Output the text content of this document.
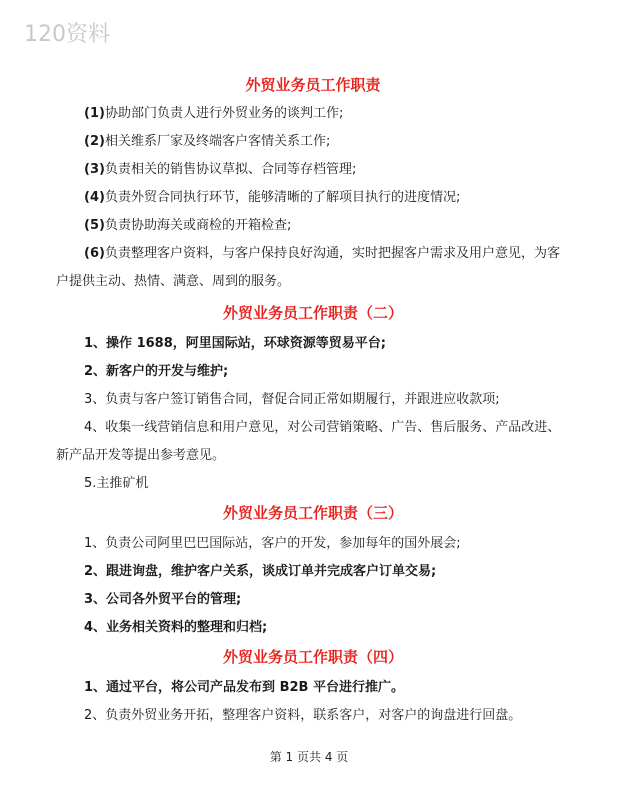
120资料

外贸业务员工作职责

(1)协助部门负责人进行外贸业务的谈判工作;

(2)相关维系厂家及终端客户客情关系工作;

(3)负责相关的销售协议草拟、合同等存档管理;

(4)负责外贸合同执行环节，能够清晰的了解项目执行的进度情况;

(5)负责协助海关或商检的开箱检查;

(6)负责整理客户资料，与客户保持良好沟通，实时把握客户需求及用户意见，为客户提供主动、热情、满意、周到的服务。

外贸业务员工作职责（二）

1、操作 1688，阿里国际站，环球资源等贸易平台;

2、新客户的开发与维护;

3、负责与客户签订销售合同，督促合同正常如期履行，并跟进应收款项;

4、收集一线营销信息和用户意见，对公司营销策略、广告、售后服务、产品改进、新产品开发等提出参考意见。

5.主推矿机

外贸业务员工作职责（三）

1、负责公司阿里巴巴国际站，客户的开发，参加每年的国外展会;

2、跟进询盘，维护客户关系，谈成订单并完成客户订单交易;

3、公司各外贸平台的管理;

4、业务相关资料的整理和归档;

外贸业务员工作职责（四）

1、通过平台，将公司产品发布到 B2B 平台进行推广。

2、负责外贸业务开拓，整理客户资料，联系客户，对客户的询盘进行回盘。

第 1 页共 4 页
